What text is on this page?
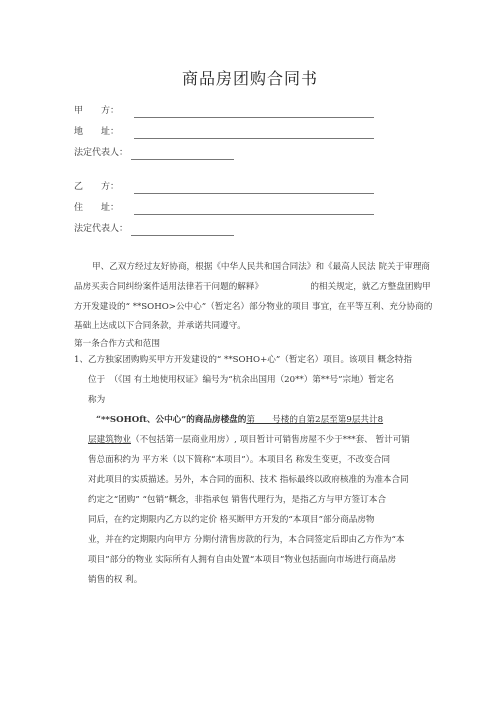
商品房团购合同书
甲　　方：
地　　址：
法定代表人：
乙　　方：
住　　址：
法定代表人：
甲、乙双方经过友好协商，根据《中华人民共和国合同法》和《最高人民法 院关于审理商品房买卖合同纠纷案件适用法律若干问题的解释》　　　　　　的相关规定，就乙方整盘团购甲方开发建设的“ **SOHO>公中心”（暂定名）部分物业的项目 事宜，在平等互利、充分协商的基础上达成以下合同条款，并承诺共同遵守。
第一条合作方式和范围
1、 乙方独家团购购买甲方开发建设的“ **SOHO+心”（暂定名）项目。该项目 概念特指
位于　（《国 有土地使用权证》编号为“杭余出国用（20**）第**号”宗地）暂定名
称为
“**SOHOft、公中心”的商品房楼盘的第　　号楼的自第2层至第9层共计8
层建筑物业（不包括第一层商业用房）, 项目暂计可销售房屋不少于***套、 暂计可销
售总面积约为 平方米（以下简称“本项目”）。本项目名 称发生变更，不改变合同
对此项目的实质描述。另外，本合同的面积、技术 指标最终以政府核准的为准本合同
约定之“团购” “包销”概念，非指承包 销售代理行为，是指乙方与甲方签订本合
同后，在约定期限内乙方以约定价 格买断甲方开发的“本项目”部分商品房物
业，并在约定期限内向甲方 分期付清售房款的行为，本合同签定后即由乙方作为“本
项目”部分的物业 实际所有人拥有自由处置“本项目”物业包括面向市场进行商品房
销售的权 利。
